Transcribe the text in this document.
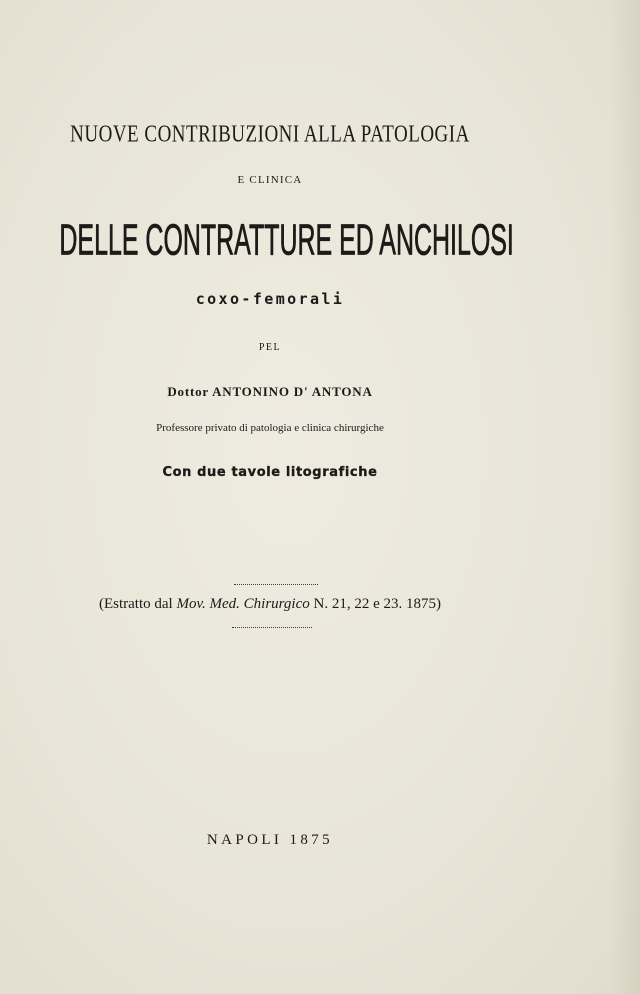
NUOVE CONTRIBUZIONI ALLA PATOLOGIA
E CLINICA
DELLE CONTRATTURE ED ANCHILOSI
coxo-femorali
PEL
Dottor ANTONINO D' ANTONA
Professore privato di patologia e clinica chirurgiche
Con due tavole litografiche
(Estratto dal Mov. Med. Chirurgico N. 21, 22 e 23. 1875)
NAPOLI 1875
